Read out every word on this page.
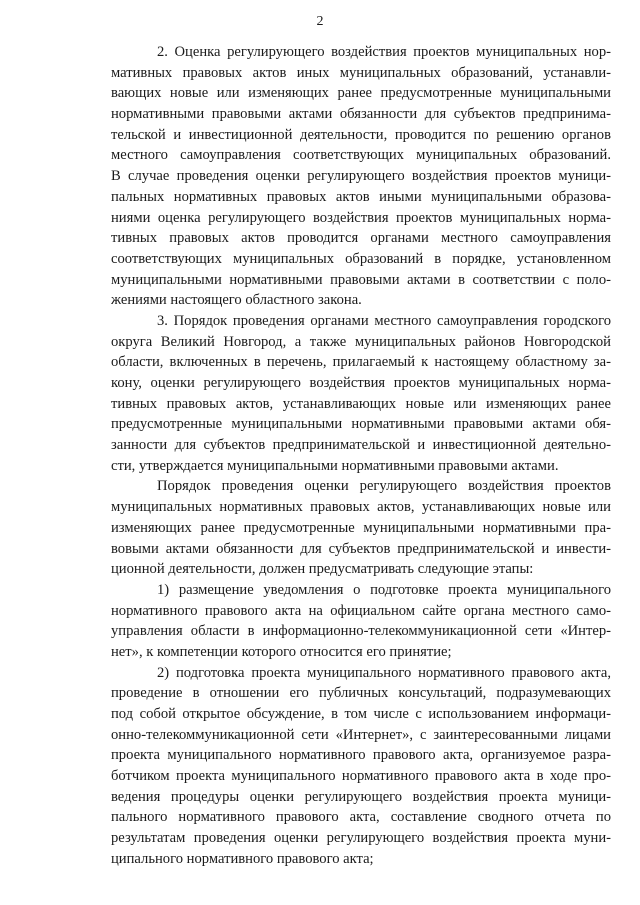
2
2. Оценка регулирующего воздействия проектов муниципальных нор-
мативных правовых актов иных муниципальных образований, устанавли-
вающих новые или изменяющих ранее предусмотренные муниципальными
нормативными правовыми актами обязанности для субъектов предпринима-
тельской и инвестиционной деятельности, проводится по решению органов
местного самоуправления соответствующих муниципальных образований.
В случае проведения оценки регулирующего воздействия проектов муници-
пальных нормативных правовых актов иными муниципальными образова-
ниями оценка регулирующего воздействия проектов муниципальных норма-
тивных правовых актов проводится органами местного самоуправления
соответствующих муниципальных образований в порядке, установленном
муниципальными нормативными правовыми актами в соответствии с поло-
жениями настоящего областного закона.
3. Порядок проведения органами местного самоуправления городского
округа Великий Новгород, а также муниципальных районов Новгородской
области, включенных в перечень, прилагаемый к настоящему областному за-
кону, оценки регулирующего воздействия проектов муниципальных норма-
тивных правовых актов, устанавливающих новые или изменяющих ранее
предусмотренные муниципальными нормативными правовыми актами обя-
занности для субъектов предпринимательской и инвестиционной деятельно-
сти, утверждается муниципальными нормативными правовыми актами.
Порядок проведения оценки регулирующего воздействия проектов
муниципальных нормативных правовых актов, устанавливающих новые или
изменяющих ранее предусмотренные муниципальными нормативными пра-
вовыми актами обязанности для субъектов предпринимательской и инвести-
ционной деятельности, должен предусматривать следующие этапы:
1) размещение уведомления о подготовке проекта муниципального
нормативного правового акта на официальном сайте органа местного само-
управления области в информационно-телекоммуникационной сети «Интер-
нет», к компетенции которого относится его принятие;
2) подготовка проекта муниципального нормативного правового акта,
проведение в отношении его публичных консультаций, подразумевающих
под собой открытое обсуждение, в том числе с использованием информаци-
онно-телекоммуникационной сети «Интернет», с заинтересованными лицами
проекта муниципального нормативного правового акта, организуемое разра-
ботчиком проекта муниципального нормативного правового акта в ходе про-
ведения процедуры оценки регулирующего воздействия проекта муници-
пального нормативного правового акта, составление сводного отчета по
результатам проведения оценки регулирующего воздействия проекта муни-
ципального нормативного правового акта;
